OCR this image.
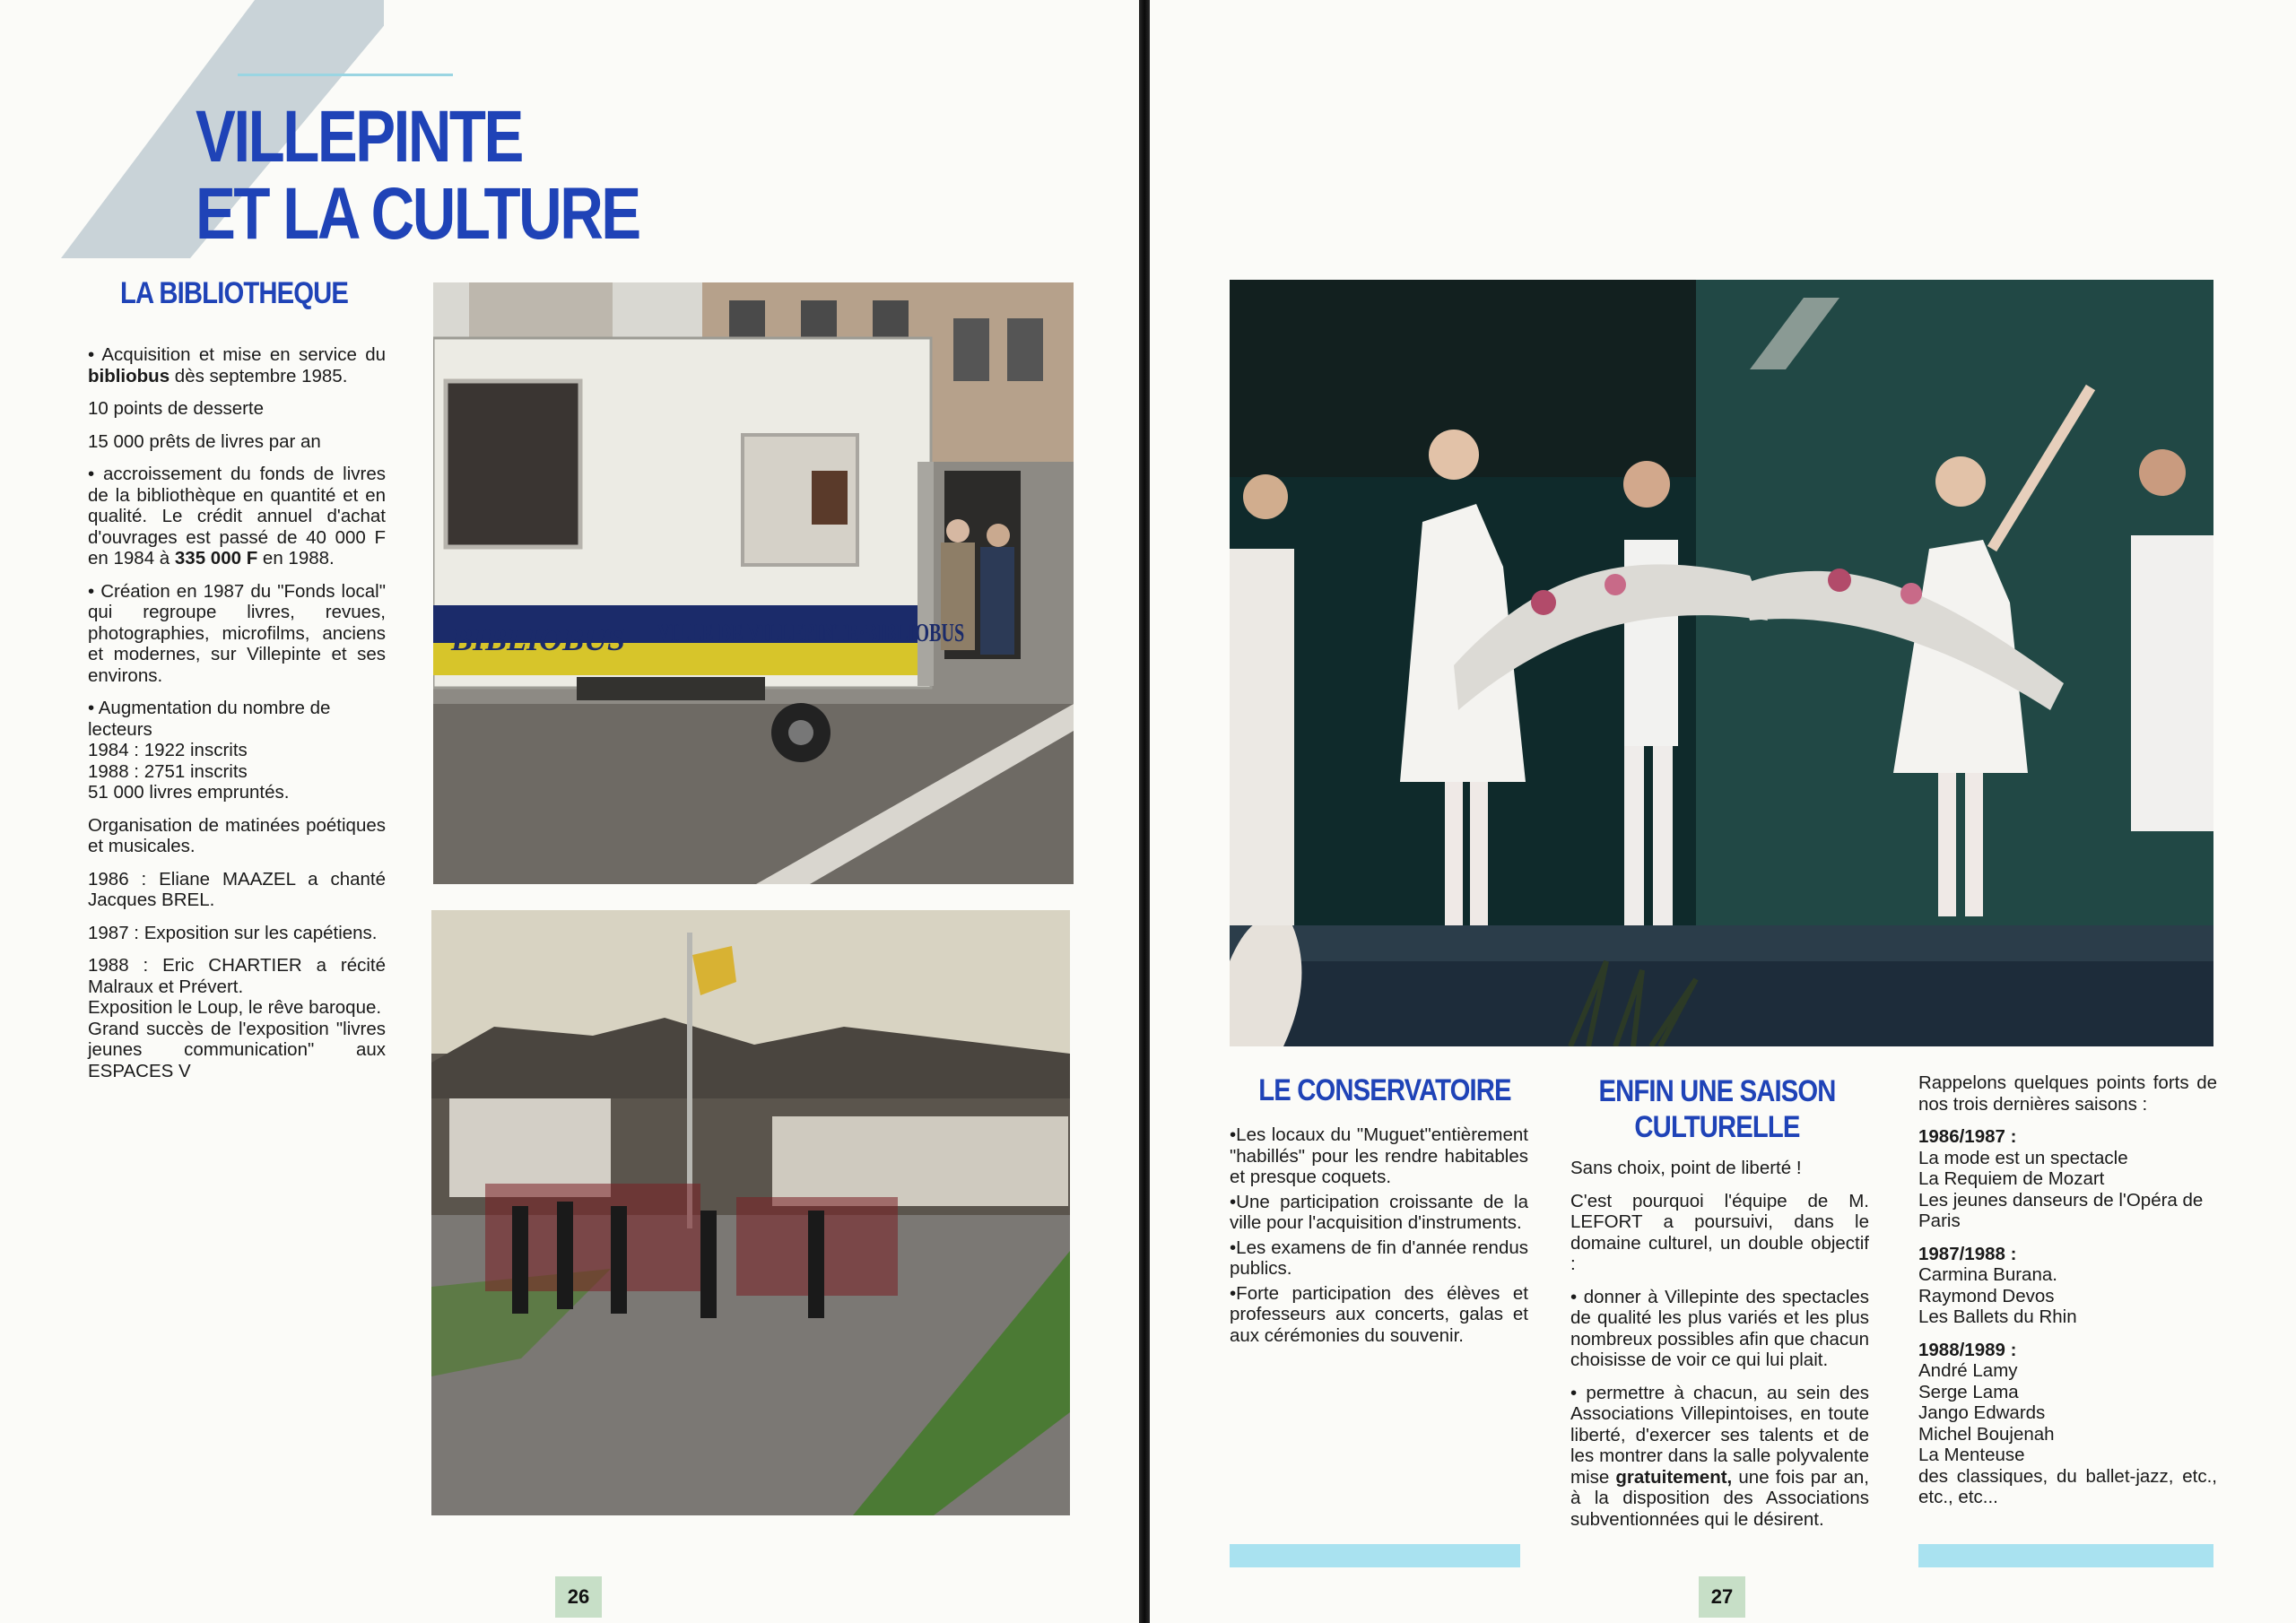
VILLEPINTE
ET LA CULTURE
LA BIBLIOTHEQUE

• Acquisition et mise en service du bibliobus dès septembre 1985.

10 points de desserte

15 000 prêts de livres par an

• accroissement du fonds de livres de la bibliothèque en quantité et en qualité. Le crédit annuel d'achat d'ouvrages est passé de 40 000 F en 1984 à 335 000 F en 1988.

• Création en 1987 du "Fonds local" qui regroupe livres, revues, photographies, microfilms, anciens et modernes, sur Villepinte et ses environs.

• Augmentation du nombre de lecteurs
1984 : 1922 inscrits
1988 : 2751 inscrits
51 000 livres empruntés.

Organisation de matinées poétiques et musicales.

1986 : Eliane MAAZEL a chanté Jacques BREL.

1987 : Exposition sur les capétiens.

1988 : Eric CHARTIER a récité Malraux et Prévert.
Exposition le Loup, le rêve baroque.
Grand succès de l'exposition "livres jeunes communication" aux ESPACES V

BIBLIOBUS VILLE DE VILLEPINTE·BIBLIOBUS
26
LE CONSERVATOIRE

•Les locaux du "Muguet"entièrement "habillés" pour les rendre habitables et presque coquets.

•Une participation croissante de la ville pour l'acquisition d'instruments.

•Les examens de fin d'année rendus publics.

•Forte participation des élèves et professeurs aux concerts, galas et aux cérémonies du souvenir.

ENFIN UNE SAISON
CULTURELLE

Sans choix, point de liberté !

C'est pourquoi l'équipe de M. LEFORT a poursuivi, dans le domaine culturel, un double objectif :

• donner à Villepinte des spectacles de qualité les plus variés et les plus nombreux possibles afin que chacun choisisse de voir ce qui lui plait.

• permettre à chacun, au sein des Associations Villepintoises, en toute liberté, d'exercer ses talents et de les montrer dans la salle polyvalente mise gratuitement, une fois par an, à la disposition des Associations subventionnées qui le désirent.

27

Rappelons quelques points forts de nos trois dernières saisons :

1986/1987 :
La mode est un spectacle
La Requiem de Mozart
Les jeunes danseurs de l'Opéra de Paris

1987/1988 :
Carmina Burana.
Raymond Devos
Les Ballets du Rhin

1988/1989 :
André Lamy
Serge Lama
Jango Edwards
Michel Boujenah
La Menteuse

des classiques, du ballet-jazz, etc., etc., etc...
